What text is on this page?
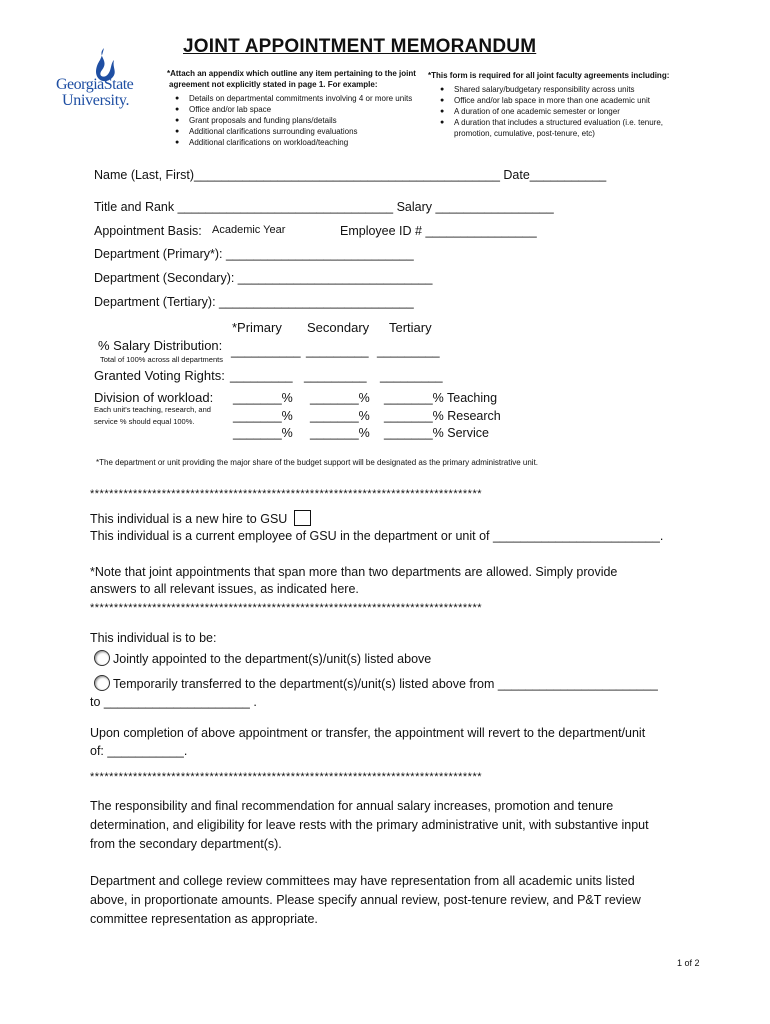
GeorgiaState
University.
JOINT APPOINTMENT MEMORANDUM
*Attach an appendix which outline any item pertaining to the joint
agreement not explicitly stated in page 1. For example:
● Details on departmental commitments involving 4 or more units
● Office and/or lab space
● Grant proposals and funding plans/details
● Additional clarifications surrounding evaluations
● Additional clarifications on workload/teaching
*This form is required for all joint faculty agreements including:
● Shared salary/budgetary responsibility across units
● Office and/or lab space in more than one academic unit
● A duration of one academic semester or longer
● A duration that includes a structured evaluation (i.e. tenure,
promotion, cumulative, post-tenure, etc)
Name (Last, First)____________________________________________ Date___________
Title and Rank _______________________________ Salary _________________
Appointment Basis: Academic Year	Employee ID # ________________
Department (Primary*): ___________________________
Department (Secondary): ____________________________
Department (Tertiary): ____________________________
*Primary Secondary Tertiary
% Salary Distribution:
Total of 100% across all departments
__________ _________ _________
Granted Voting Rights: _________ _________ _________
Division of workload:
Each unit's teaching, research, and
service % should equal 100%.
_______%
_______%
_______%
_______%
_______%
_______%
_______% Teaching
_______% Research
_______% Service
*The department or unit providing the major share of the budget support will be designated as the primary administrative unit.
**********************************************************************************
This individual is a new hire to GSU
This individual is a current employee of GSU in the department or unit of ________________________.
*Note that joint appointments that span more than two departments are allowed. Simply provide
answers to all relevant issues, as indicated here.
**********************************************************************************
This individual is to be:
Jointly appointed to the department(s)/unit(s) listed above
Temporarily transferred to the department(s)/unit(s) listed above from _______________________
to _____________________ .
Upon completion of above appointment or transfer, the appointment will revert to the department/unit
of: ___________.
**********************************************************************************
The responsibility and final recommendation for annual salary increases, promotion and tenure
determination, and eligibility for leave rests with the primary administrative unit, with substantive input
from the secondary department(s).
Department and college review committees may have representation from all academic units listed
above, in proportionate amounts. Please specify annual review, post-tenure review, and P&T review
committee representation as appropriate.
1 of 2
